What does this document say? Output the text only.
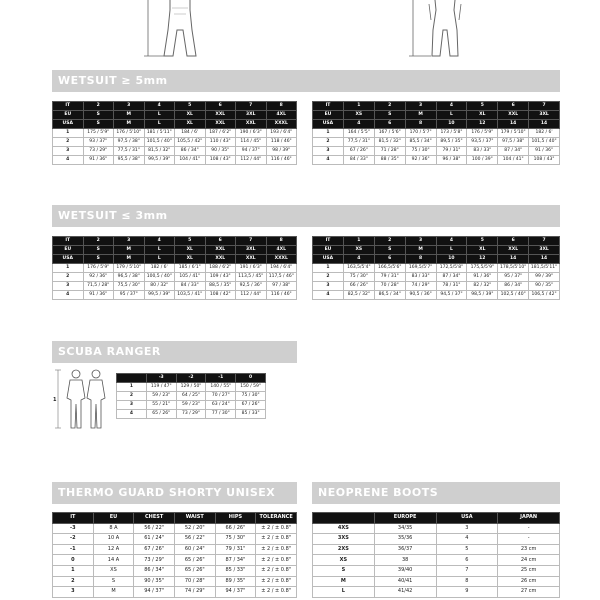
WETSUIT ≥ 5mm
IT	2	3	4	5	6	7	8
EU	S	M	L	XL	XXL	3XL	4XL
USA	S	M	L	XL	XXL	XXL	XXXL
1	175 / 5'9"	176 / 5'10"	181 / 5'11"	184 / 6'	187 / 6'2"	190 / 6'3"	193 / 6'4"
2	93 / 37"	97,5 / 38"	101,5 / 40"	105,5 / 42"	110 / 43"	114 / 45"	118 / 46"
3	73 / 29"	77,5 / 31"	81,5 / 32"	86 / 34"	90 / 35"	94 / 37"	98 / 39"
4	91 / 36"	95,5 / 38"	99,5 / 39"	104 / 41"	108 / 43"	112 / 44"	116 / 46"
IT	1	2	3	4	5	6	7
EU	XS	S	M	L	XL	XXL	3XL
USA	4	6	8	10	12	14	14
1	164 / 5'5"	167 / 5'6"	170 / 5'7"	173 / 5'8"	176 / 5'9"	179 / 5'10"	182 / 6'
2	77,5 / 31"	81,5 / 32"	85,5 / 34"	89,5 / 35"	93,5 / 37"	97,5 / 38"	101,5 / 40"
3	67 / 26"	71 / 28"	75 / 30"	79 / 31"	83 / 33"	87 / 34"	91 / 36"
4	84 / 33"	88 / 35"	92 / 36"	96 / 38"	100 / 39"	104 / 41"	108 / 43"
WETSUIT ≤ 3mm
IT	2	3	4	5	6	7	8
EU	S	M	L	XL	XXL	3XL	4XL
USA	S	M	L	XL	XXL	XXL	XXXL
1	176 / 5'9"	179 / 5'10"	182 / 6'	185 / 6'1"	188 / 6'2"	191 / 6'3"	194 / 6'4"
2	92 / 36"	96,5 / 38"	100,5 / 40"	105 / 41"	109 / 43"	113,5 / 45"	117,5 / 46"
3	71,5 / 28"	75,5 / 30"	80 / 32"	84 / 33"	88,5 / 35"	92,5 / 36"	97 / 38"
4	91 / 36"	95 / 37"	99,5 / 39"	103,5 / 41"	108 / 42"	112 / 44"	116 / 46"
IT	1	2	3	4	5	6	7
EU	XS	S	M	L	XL	XXL	3XL
USA	4	6	8	10	12	14	14
1	163,5/5'4"	166,5/5'6"	169,5/5'7"	172,5/5'8"	175,5/5'9"	178,5/5'10"	181,5/5'11"
2	75 / 30"	79 / 31"	83 / 33"	87 / 34"	91 / 36"	95 / 37"	99 / 39"
3	66 / 26"	70 / 28"	74 / 29"	78 / 31"	82 / 32"	86 / 34"	90 / 35"
4	82,5 / 32"	86,5 / 34"	90,5 / 36"	94,5 / 37"	98,5 / 39"	102,5 / 40"	106,5 / 42"
SCUBA RANGER
1
	-3	-2	-1	0
1	119 / 47"	129 / 50"	140 / 55"	150 / 59"
2	59 / 23"	64 / 25"	70 / 27"	75 / 30"
3	55 / 21"	59 / 23"	63 / 24"	67 / 26"
4	65 / 26"	73 / 29"	77 / 30"	85 / 33"
THERMO GUARD SHORTY UNISEX
IT	EU	CHEST	WAIST	HIPS	TOLERANCE
-3	8 A	56 / 22"	52 / 20"	66 / 26"	± 2 / ± 0.8"
-2	10 A	61 / 24"	56 / 22"	75 / 30"	± 2 / ± 0.8"
-1	12 A	67 / 26"	60 / 24"	79 / 31"	± 2 / ± 0.8"
0	14 A	73 / 29"	65 / 26"	87 / 34"	± 2 / ± 0.8"
1	XS	86 / 34"	65 / 26"	85 / 33"	± 2 / ± 0.8"
2	S	90 / 35"	70 / 28"	89 / 35"	± 2 / ± 0.8"
3	M	94 / 37"	74 / 29"	94 / 37"	± 2 / ± 0.8"
NEOPRENE BOOTS
	EUROPE	USA	JAPAN
4XS	34/35	3	-
3XS	35/36	4	-
2XS	36/37	5	23 cm
XS	38	6	24 cm
S	39/40	7	25 cm
M	40/41	8	26 cm
L	41/42	9	27 cm
